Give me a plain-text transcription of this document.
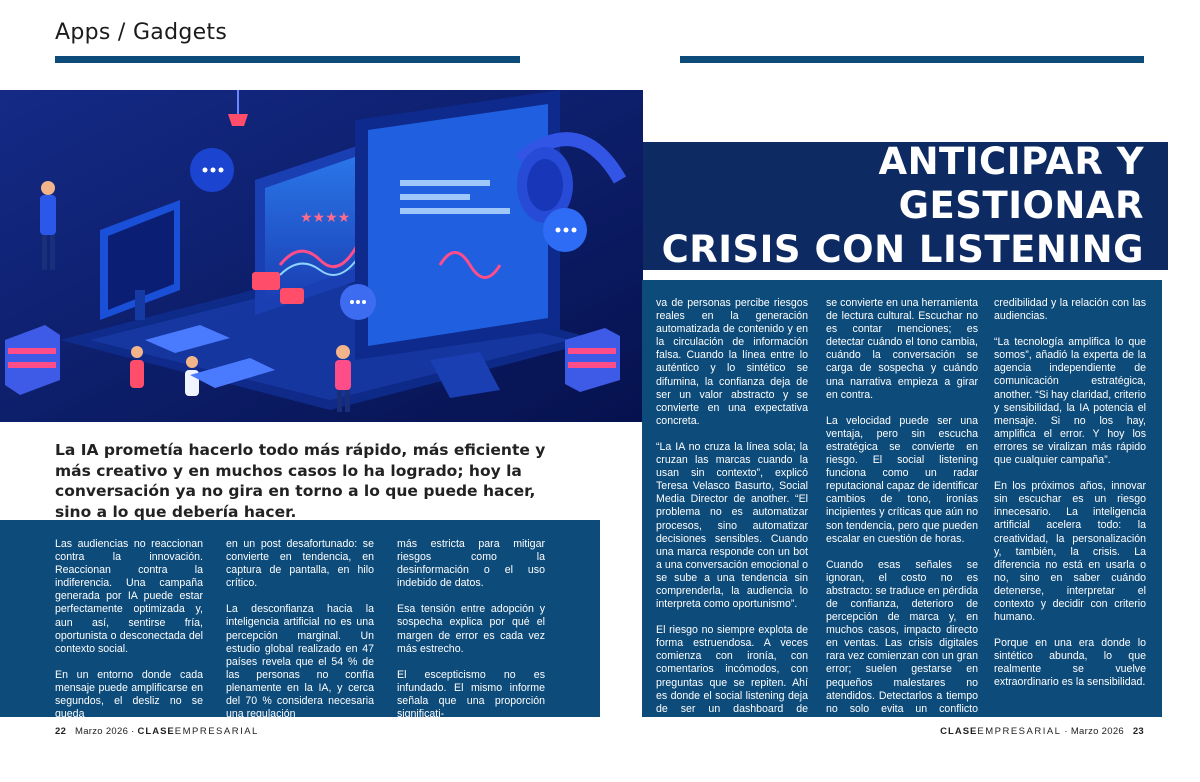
Apps / Gadgets
★★★★
ANTICIPAR Y GESTIONAR
CRISIS CON LISTENING

La IA prometía hacerlo todo más rápido, más eficiente y más creativo y en muchos casos lo ha logrado; hoy la conversación ya no gira en torno a lo que puede hacer, sino a lo que debería hacer.

Las audiencias no reaccionan contra la innovación. Reaccionan contra la indiferencia. Una campaña generada por IA puede estar perfectamente optimizada y, aun así, sentirse fría, oportunista o desconectada del contexto social.

En un entorno donde cada mensaje puede amplificarse en segundos, el desliz no se queda

en un post desafortunado: se convierte en tendencia, en captura de pantalla, en hilo crítico.

La desconfianza hacia la inteligencia artificial no es una percepción marginal. Un estudio global realizado en 47 países revela que el 54 % de las personas no confía plenamente en la IA, y cerca del 70 % considera necesaria una regulación

más estricta para mitigar riesgos como la desinformación o el uso indebido de datos.

Esa tensión entre adopción y sospecha explica por qué el margen de error es cada vez más estrecho.

El escepticismo no es infundado. El mismo informe señala que una proporción significati-

va de personas percibe riesgos reales en la generación automatizada de contenido y en la circulación de información falsa. Cuando la línea entre lo auténtico y lo sintético se difumina, la confianza deja de ser un valor abstracto y se convierte en una expectativa concreta.

“La IA no cruza la línea sola; la cruzan las marcas cuando la usan sin contexto”, explicó Teresa Velasco Basurto, Social Media Director de another. “El problema no es automatizar procesos, sino automatizar decisiones sensibles. Cuando una marca responde con un bot a una conversación emocional o se sube a una tendencia sin comprenderla, la audiencia lo interpreta como oportunismo”.

El riesgo no siempre explota de forma estruendosa. A veces comienza con ironía, con comentarios incómodos, con preguntas que se repiten. Ahí es donde el social listening deja de ser un dashboard de métricas y

se convierte en una herramienta de lectura cultural. Escuchar no es contar menciones; es detectar cuándo el tono cambia, cuándo la conversación se carga de sospecha y cuándo una narrativa empieza a girar en contra.

La velocidad puede ser una ventaja, pero sin escucha estratégica se convierte en riesgo. El social listening funciona como un radar reputacional capaz de identificar cambios de tono, ironías incipientes y críticas que aún no son tendencia, pero que pueden escalar en cuestión de horas.

Cuando esas señales se ignoran, el costo no es abstracto: se traduce en pérdida de confianza, deterioro de percepción de marca y, en muchos casos, impacto directo en ventas. Las crisis digitales rara vez comienzan con un gran error; suelen gestarse en pequeños malestares no atendidos. Detectarlos a tiempo no solo evita un conflicto público, también preserva la

credibilidad y la relación con las audiencias.

“La tecnología amplifica lo que somos”, añadió la experta de la agencia independiente de comunicación estratégica, another. “Si hay claridad, criterio y sensibilidad, la IA potencia el mensaje. Si no los hay, amplifica el error. Y hoy los errores se viralizan más rápido que cualquier campaña”.

En los próximos años, innovar sin escuchar es un riesgo innecesario. La inteligencia artificial acelera todo: la creatividad, la personalización y, también, la crisis. La diferencia no está en usarla o no, sino en saber cuándo detenerse, interpretar el contexto y decidir con criterio humano.

Porque en una era donde lo sintético abunda, lo que realmente se vuelve extraordinario es la sensibilidad.

22 Marzo 2026 · CLASEEMPRESARIAL	CLASEEMPRESARIAL · Marzo 2026 23
